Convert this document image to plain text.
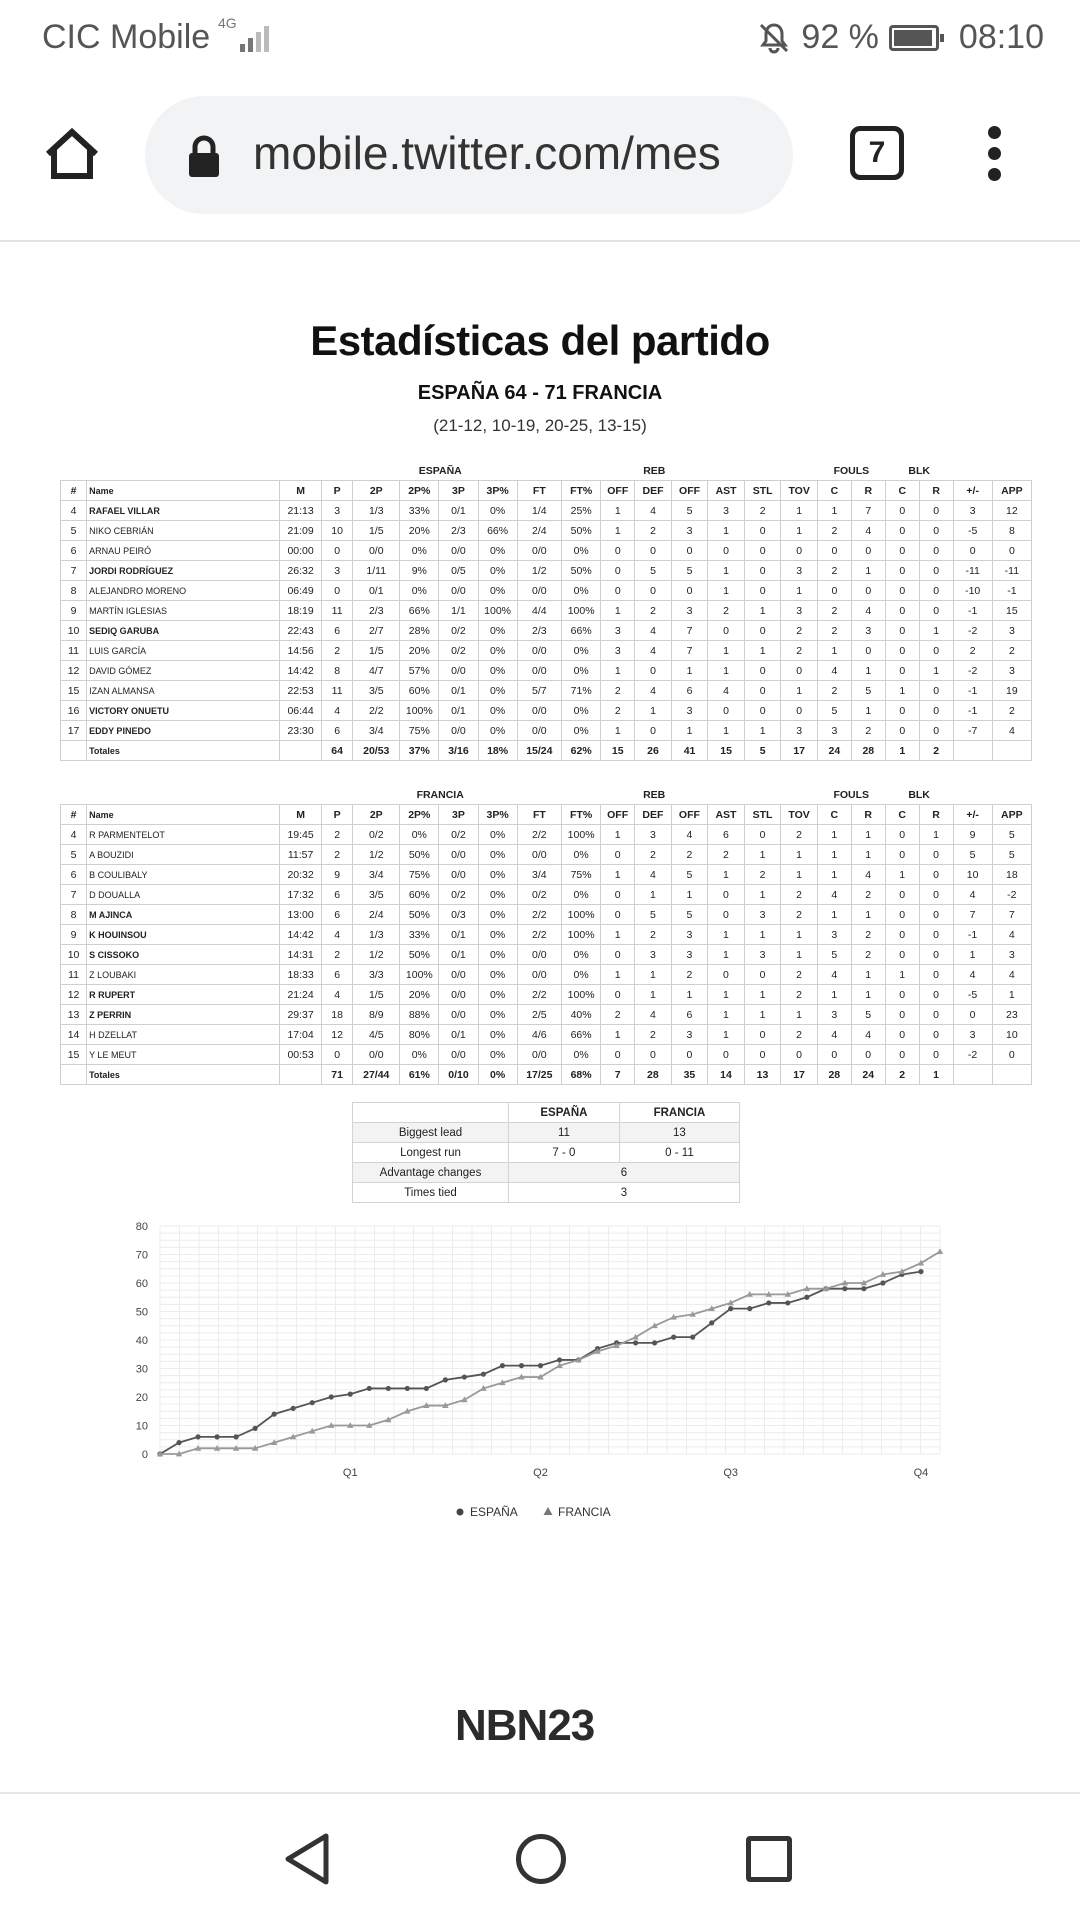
CIC Mobile 4G	92 % 08:10
mobile.twitter.com/mes	7
Estadísticas del partido
ESPAÑA 64 - 71 FRANCIA
(21-12, 10-19, 20-25, 13-15)
		ESPAÑA								REB						FOULS		BLK			
#	Name	M	P	2P	2P%	3P	3P%	FT	FT%	OFF	DEF	OFF	AST	STL	TOV	C	R	C	R	+/-	APP
4	RAFAEL VILLAR	21:13	3	1/3	33%	0/1	0%	1/4	25%	1	4	5	3	2	1	1	7	0	0	3	12
5	NIKO CEBRIÁN	21:09	10	1/5	20%	2/3	66%	2/4	50%	1	2	3	1	0	1	2	4	0	0	-5	8
6	ARNAU PEIRÓ	00:00	0	0/0	0%	0/0	0%	0/0	0%	0	0	0	0	0	0	0	0	0	0	0	0
7	JORDI RODRÍGUEZ	26:32	3	1/11	9%	0/5	0%	1/2	50%	0	5	5	1	0	3	2	1	0	0	-11	-11
8	ALEJANDRO MORENO	06:49	0	0/1	0%	0/0	0%	0/0	0%	0	0	0	1	0	1	0	0	0	0	-10	-1
9	MARTÍN IGLESIAS	18:19	11	2/3	66%	1/1	100%	4/4	100%	1	2	3	2	1	3	2	4	0	0	-1	15
10	SEDIQ GARUBA	22:43	6	2/7	28%	0/2	0%	2/3	66%	3	4	7	0	0	2	2	3	0	1	-2	3
11	LUIS GARCÍA	14:56	2	1/5	20%	0/2	0%	0/0	0%	3	4	7	1	1	2	1	0	0	0	2	2
12	DAVID GÓMEZ	14:42	8	4/7	57%	0/0	0%	0/0	0%	1	0	1	1	0	0	4	1	0	1	-2	3
15	IZAN ALMANSA	22:53	11	3/5	60%	0/1	0%	5/7	71%	2	4	6	4	0	1	2	5	1	0	-1	19
16	VICTORY ONUETU	06:44	4	2/2	100%	0/1	0%	0/0	0%	2	1	3	0	0	0	5	1	0	0	-1	2
17	EDDY PINEDO	23:30	6	3/4	75%	0/0	0%	0/0	0%	1	0	1	1	1	3	3	2	0	0	-7	4
	Totales		64	20/53	37%	3/16	18%	15/24	62%	15	26	41	15	5	17	24	28	1	2		
		FRANCIA								REB						FOULS		BLK			
#	Name	M	P	2P	2P%	3P	3P%	FT	FT%	OFF	DEF	OFF	AST	STL	TOV	C	R	C	R	+/-	APP
4	R PARMENTELOT	19:45	2	0/2	0%	0/2	0%	2/2	100%	1	3	4	6	0	2	1	1	0	1	9	5
5	A BOUZIDI	11:57	2	1/2	50%	0/0	0%	0/0	0%	0	2	2	2	1	1	1	1	0	0	5	5
6	B COULIBALY	20:32	9	3/4	75%	0/0	0%	3/4	75%	1	4	5	1	2	1	1	4	1	0	10	18
7	D DOUALLA	17:32	6	3/5	60%	0/2	0%	0/2	0%	0	1	1	0	1	2	4	2	0	0	4	-2
8	M AJINCA	13:00	6	2/4	50%	0/3	0%	2/2	100%	0	5	5	0	3	2	1	1	0	0	7	7
9	K HOUINSOU	14:42	4	1/3	33%	0/1	0%	2/2	100%	1	2	3	1	1	1	3	2	0	0	-1	4
10	S CISSOKO	14:31	2	1/2	50%	0/1	0%	0/0	0%	0	3	3	1	3	1	5	2	0	0	1	3
11	Z LOUBAKI	18:33	6	3/3	100%	0/0	0%	0/0	0%	1	1	2	0	0	2	4	1	1	0	4	4
12	R RUPERT	21:24	4	1/5	20%	0/0	0%	2/2	100%	0	1	1	1	1	2	1	1	0	0	-5	1
13	Z PERRIN	29:37	18	8/9	88%	0/0	0%	2/5	40%	2	4	6	1	1	1	3	5	0	0	0	23
14	H DZELLAT	17:04	12	4/5	80%	0/1	0%	4/6	66%	1	2	3	1	0	2	4	4	0	0	3	10
15	Y LE MEUT	00:53	0	0/0	0%	0/0	0%	0/0	0%	0	0	0	0	0	0	0	0	0	0	-2	0
	Totales		71	27/44	61%	0/10	0%	17/25	68%	7	28	35	14	13	17	28	24	2	1		
	ESPAÑA	FRANCIA
Biggest lead	11	13
Longest run	7 - 0	0 - 11
Advantage changes	6	
Times tied	3	
0
10
20
30
40
50
60
70
80
Q1	Q2	Q3	Q4
ESPAÑA	FRANCIA
NBN23
